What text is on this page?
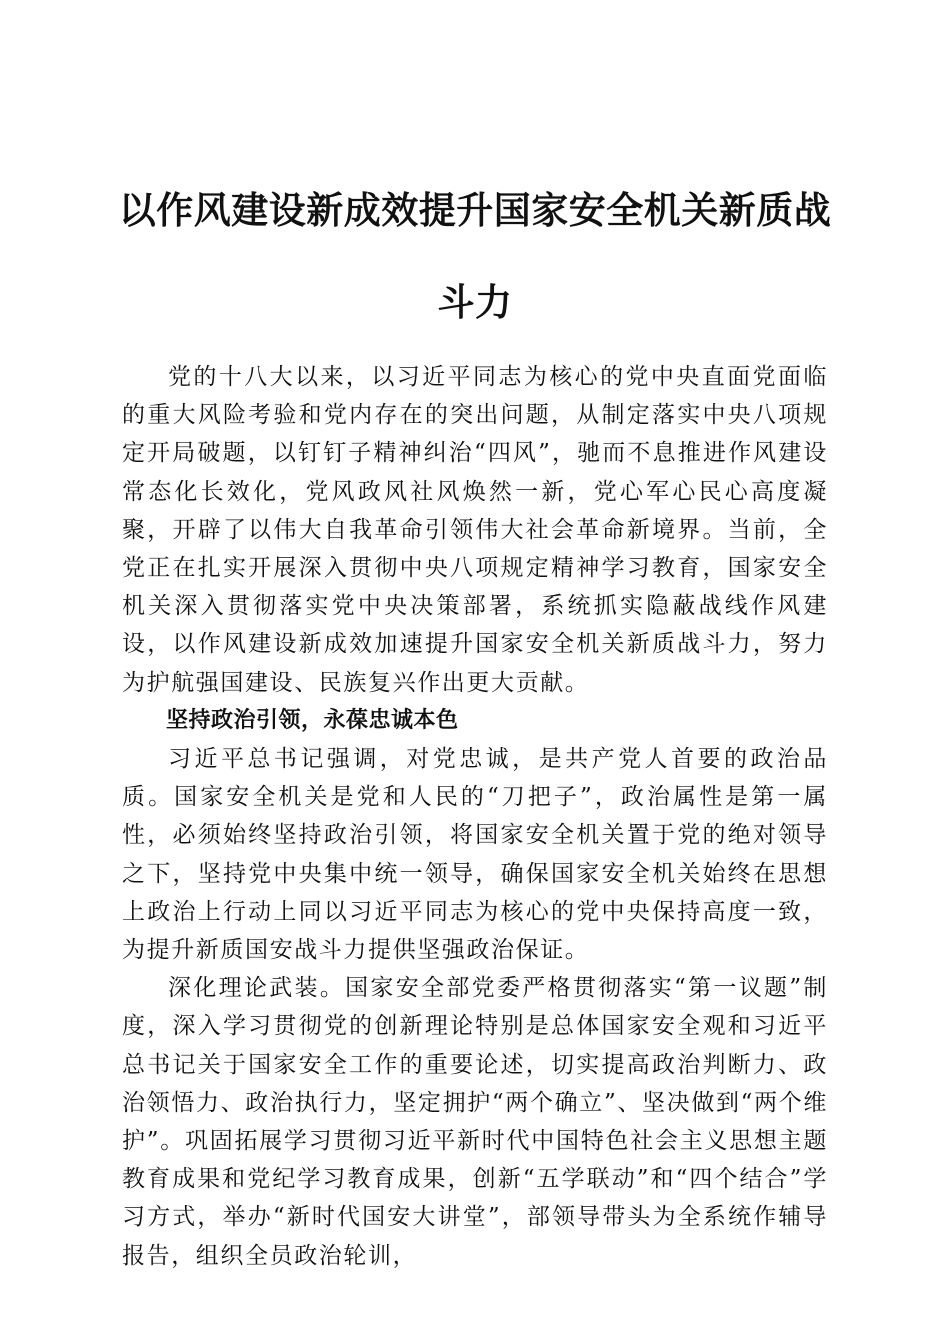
以作风建设新成效提升国家安全机关新质战斗力

党的十八大以来，以习近平同志为核心的党中央直面党面临的重大风险考验和党内存在的突出问题，从制定落实中央八项规定开局破题，以钉钉子精神纠治“四风”，驰而不息推进作风建设常态化长效化，党风政风社风焕然一新，党心军心民心高度凝聚，开辟了以伟大自我革命引领伟大社会革命新境界。当前，全党正在扎实开展深入贯彻中央八项规定精神学习教育，国家安全机关深入贯彻落实党中央决策部署，系统抓实隐蔽战线作风建设，以作风建设新成效加速提升国家安全机关新质战斗力，努力为护航强国建设、民族复兴作出更大贡献。

坚持政治引领，永葆忠诚本色

习近平总书记强调，对党忠诚，是共产党人首要的政治品质。国家安全机关是党和人民的“刀把子”，政治属性是第一属性，必须始终坚持政治引领，将国家安全机关置于党的绝对领导之下，坚持党中央集中统一领导，确保国家安全机关始终在思想上政治上行动上同以习近平同志为核心的党中央保持高度一致，为提升新质国安战斗力提供坚强政治保证。

深化理论武装。国家安全部党委严格贯彻落实“第一议题”制度，深入学习贯彻党的创新理论特别是总体国家安全观和习近平总书记关于国家安全工作的重要论述，切实提高政治判断力、政治领悟力、政治执行力，坚定拥护“两个确立”、坚决做到“两个维护”。巩固拓展学习贯彻习近平新时代中国特色社会主义思想主题教育成果和党纪学习教育成果，创新“五学联动”和“四个结合”学习方式，举办“新时代国安大讲堂”，部领导带头为全系统作辅导报告，组织全员政治轮训，
